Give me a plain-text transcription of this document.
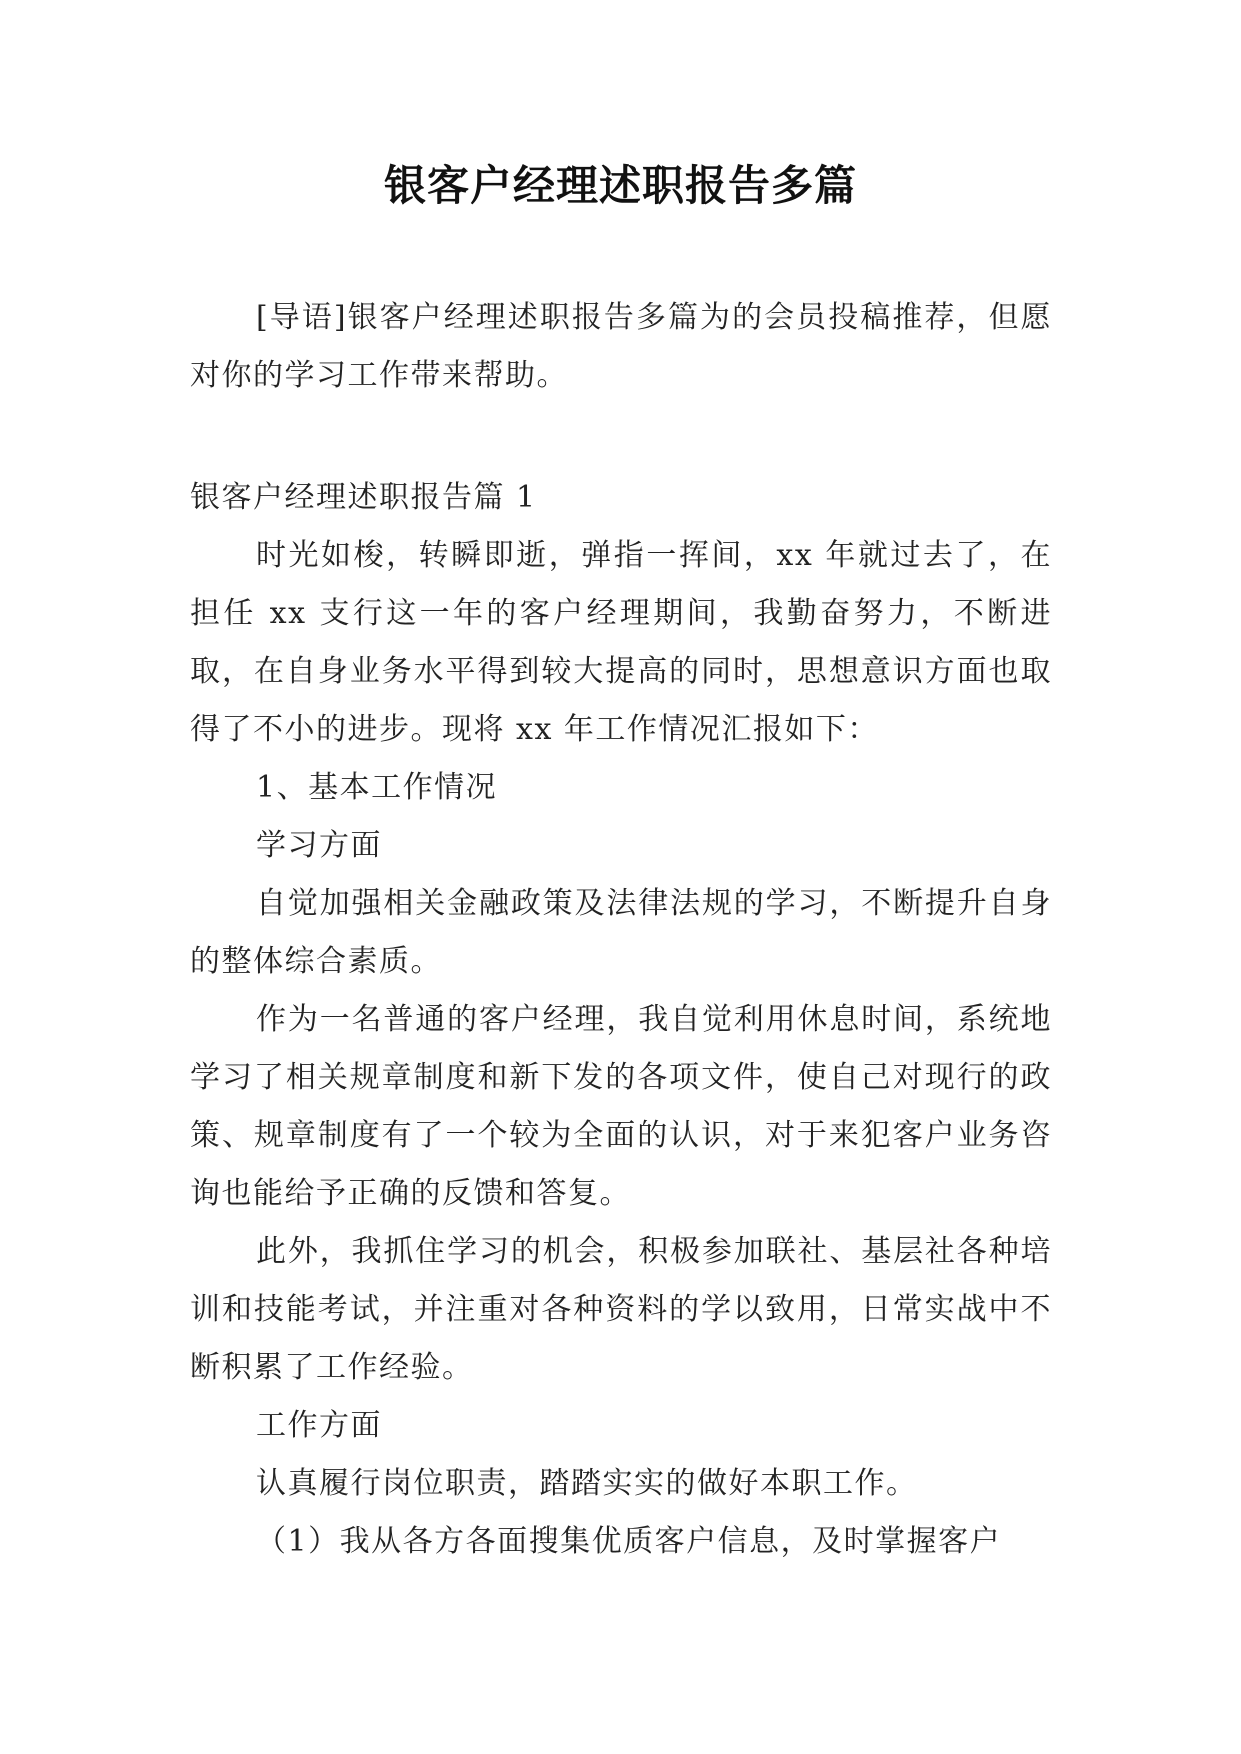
银客户经理述职报告多篇

[导语]银客户经理述职报告多篇为的会员投稿推荐，但愿对你的学习工作带来帮助。

银客户经理述职报告篇 1

时光如梭，转瞬即逝，弹指一挥间，xx 年就过去了，在担任 xx 支行这一年的客户经理期间，我勤奋努力，不断进取，在自身业务水平得到较大提高的同时，思想意识方面也取得了不小的进步。现将 xx 年工作情况汇报如下：

1、基本工作情况

学习方面

自觉加强相关金融政策及法律法规的学习，不断提升自身的整体综合素质。

作为一名普通的客户经理，我自觉利用休息时间，系统地学习了相关规章制度和新下发的各项文件，使自己对现行的政策、规章制度有了一个较为全面的认识，对于来犯客户业务咨询也能给予正确的反馈和答复。

此外，我抓住学习的机会，积极参加联社、基层社各种培训和技能考试，并注重对各种资料的学以致用，日常实战中不断积累了工作经验。

工作方面

认真履行岗位职责，踏踏实实的做好本职工作。

（1）我从各方各面搜集优质客户信息，及时掌握客户
